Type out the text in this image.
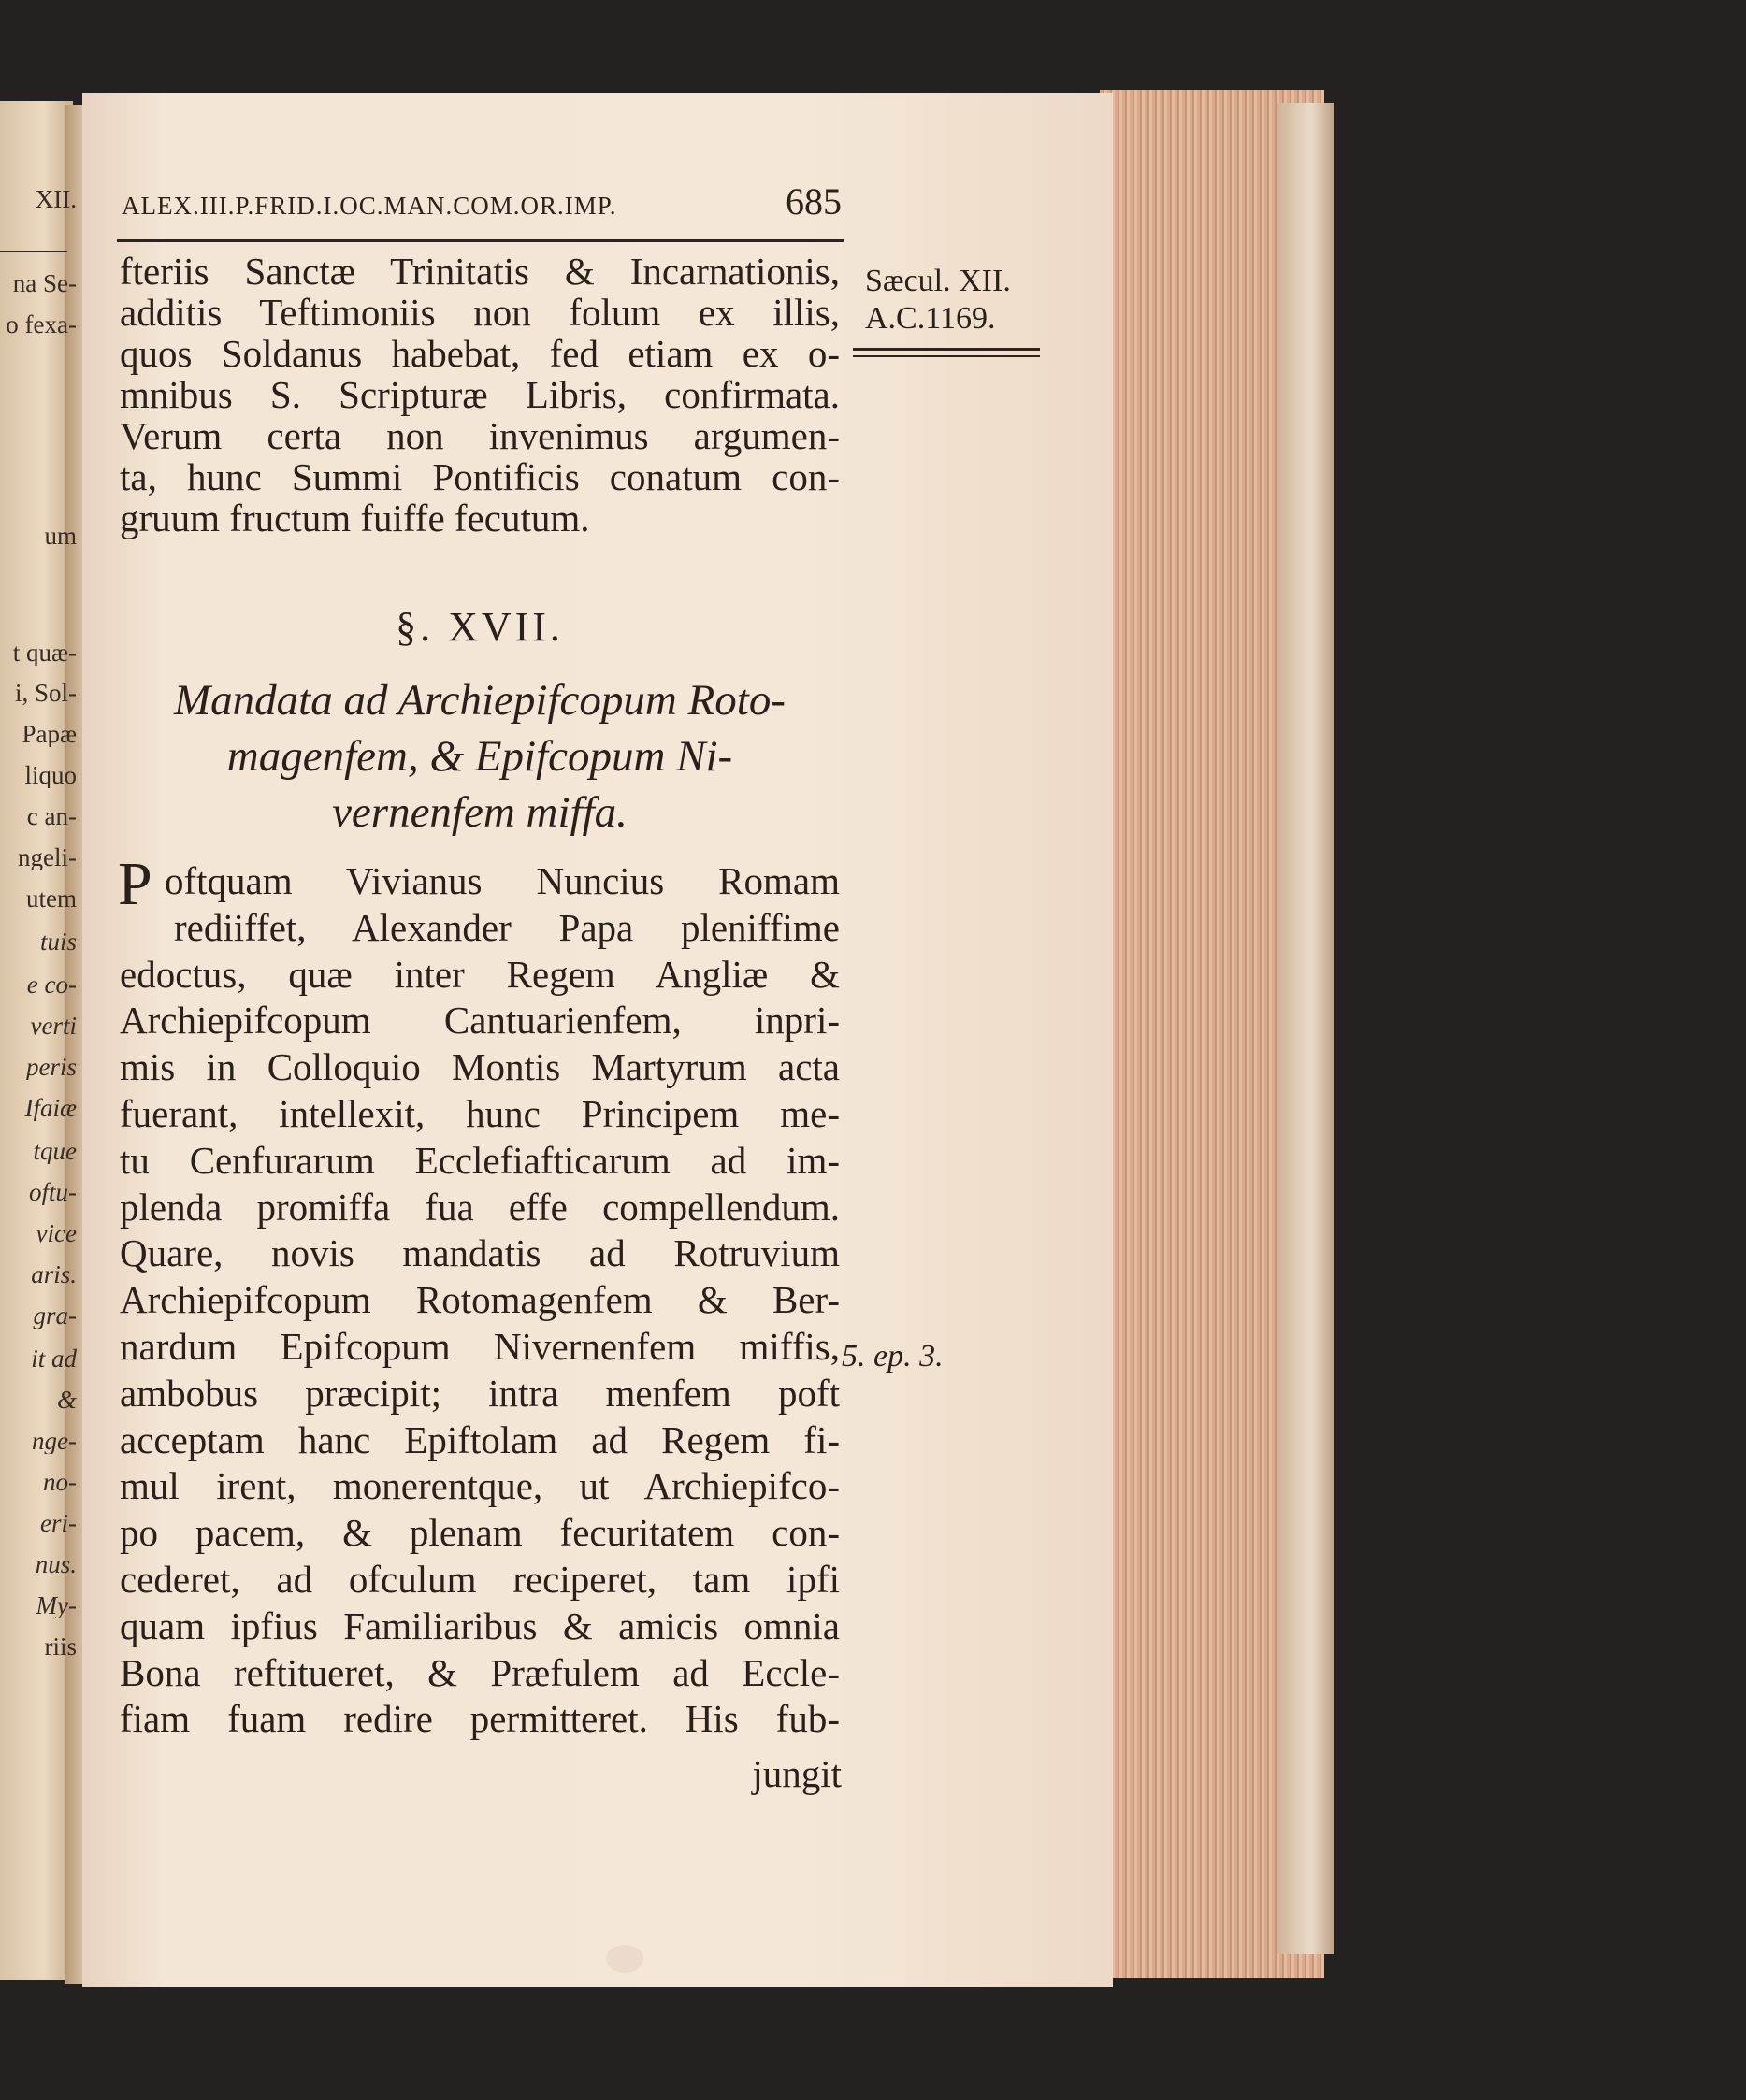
XII.
na Se-
o fexa-
um
t quæ-
i, Sol-
Papæ
liquo
c an-
ngeli-
utem
tuis
e co-
verti
peris
Ifaiæ
tque
oftu-
vice
aris.
gra-
it ad
&
nge-
no-
eri-
nus.
My-
riis
ALEX.III.P.FRID.I.OC.MAN.COM.OR.IMP.	685
Sæcul. XII.
A.C.1169.
5. ep. 3.
fteriis Sanctæ Trinitatis & Incarnationis,
additis Teftimoniis non folum ex illis,
quos Soldanus habebat, fed etiam ex o-
mnibus S. Scripturæ Libris, confirmata.
Verum certa non invenimus argumen-
ta, hunc Summi Pontificis conatum con-
gruum fructum fuiffe fecutum.
§. XVII.
Mandata ad Archiepifcopum Roto-
magenfem, & Epifcopum Ni-
vernenfem miffa.
P oftquam Vivianus Nuncius Romam
rediiffet, Alexander Papa pleniffime
edoctus, quæ inter Regem Angliæ &
Archiepifcopum Cantuarienfem, inpri-
mis in Colloquio Montis Martyrum acta
fuerant, intellexit, hunc Principem me-
tu Cenfurarum Ecclefiafticarum ad im-
plenda promiffa fua effe compellendum.
Quare, novis mandatis ad Rotruvium
Archiepifcopum Rotomagenfem & Ber-
nardum Epifcopum Nivernenfem miffis,
ambobus præcipit; intra menfem poft
acceptam hanc Epiftolam ad Regem fi-
mul irent, monerentque, ut Archiepifco-
po pacem, & plenam fecuritatem con-
cederet, ad ofculum reciperet, tam ipfi
quam ipfius Familiaribus & amicis omnia
Bona reftitueret, & Præfulem ad Eccle-
fiam fuam redire permitteret. His fub-
jungit
